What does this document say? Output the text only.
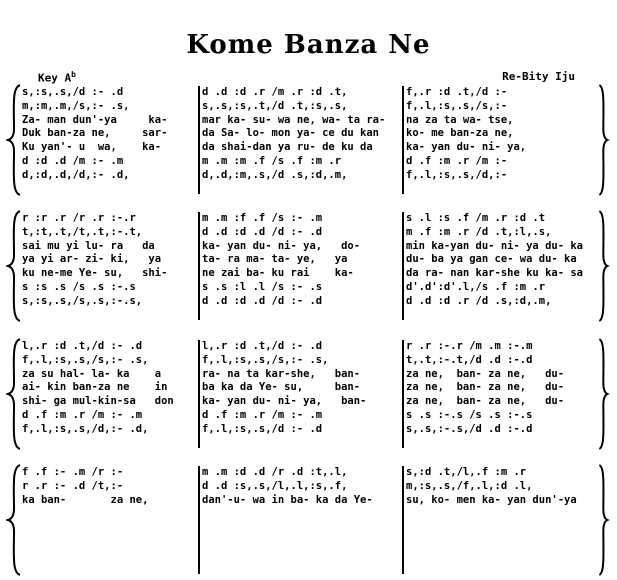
Kome Banza Ne
Key $A^b$	Re-Bity Iju
s,:s,.s,/d :- .d
m,:m,.m,/s,:- .s,
Za- man dun'-ya     ka-
Duk ban-za ne,     sar-
Ku yan'- u  wa,    ka-
d :d .d /m :- .m
d,:d,.d,/d,:- .d,
d .d :d .r /m .r :d .t,
s,.s,:s,.t,/d .t,:s,.s,
mar ka- su- wa ne, wa- ta ra-
da Sa- lo- mon ya- ce du kan
da shai-dan ya ru- de ku da
m .m :m .f /s .f :m .r
d,.d,:m,.s,/d .s,:d,.m,
f,.r :d .t,/d :-
f,.l,:s,.s,/s,:-
na za ta wa- tse,
ko- me ban-za ne,
ka- yan du- ni- ya,
d .f :m .r /m :-
f,.l,:s,.s,/d,:-
r :r .r /r .r :-.r
t,:t,.t,/t,.t,:-.t,
sai mu yi lu- ra   da
ya yi ar- zi- ki,   ya
ku ne-me Ye- su,   shi-
s :s .s /s .s :-.s
s,:s,.s,/s,.s,:-.s,
m .m :f .f /s :- .m
d .d :d .d /d :- .d
ka- yan du- ni- ya,   do-
ta- ra ma- ta- ye,   ya
ne zai ba- ku rai    ka-
s .s :l .l /s :- .s
d .d :d .d /d :- .d
s .l :s .f /m .r :d .t
m .f :m .r /d .t,:l,.s,
min ka-yan du- ni- ya du- ka
du- ba ya gan ce- wa du- ka
da ra- nan kar-she ku ka- sa
d'.d':d'.l,/s .f :m .r
d .d :d .r /d .s,:d,.m,
l,.r :d .t,/d :- .d
f,.l,:s,.s,/s,:- .s,
za su hal- la- ka    a
ai- kin ban-za ne    in
shi- ga mul-kin-sa   don
d .f :m .r /m :- .m
f,.l,:s,.s,/d,:- .d,
l,.r :d .t,/d :- .d
f,.l,:s,.s,/s,:- .s,
ra- na ta kar-she,   ban-
ba ka da Ye- su,     ban-
ka- yan du- ni- ya,   ban-
d .f :m .r /m :- .m
f,.l,:s,.s,/d :- .d
r .r :-.r /m .m :-.m
t,.t,:-.t,/d .d :-.d
za ne,  ban- za ne,   du-
za ne,  ban- za ne,   du-
za ne,  ban- za ne,   du-
s .s :-.s /s .s :-.s
s,.s,:-.s,/d .d :-.d
f .f :- .m /r :-
r .r :- .d /t,:-
ka ban-       za ne,
m .m :d .d /r .d :t,.l,
d .d :s,.s,/l,.l,:s,.f,
dan'-u- wa in ba- ka da Ye-
s,:d .t,/l,.f :m .r
m,:s,.s,/f,.l,:d .l,
su, ko- men ka- yan dun'-ya
